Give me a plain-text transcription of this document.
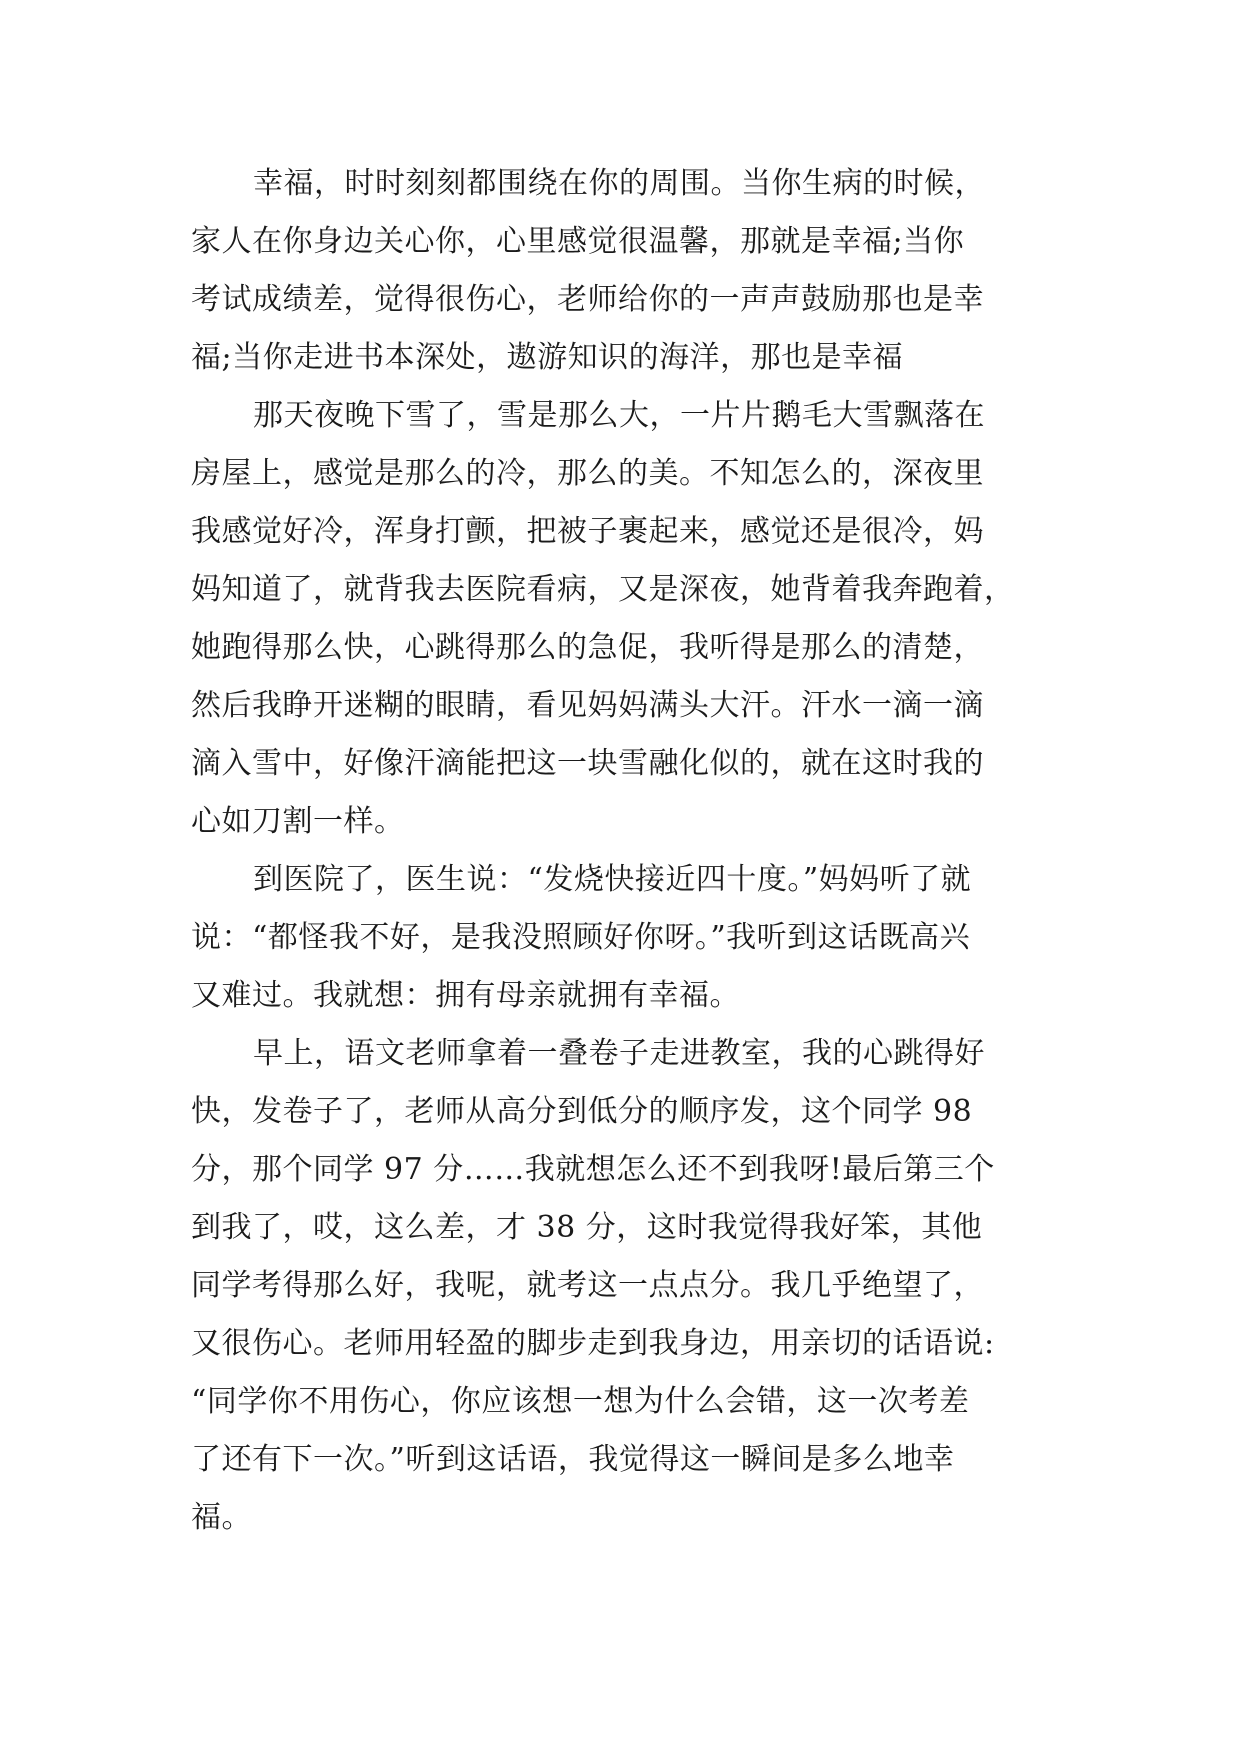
幸福，时时刻刻都围绕在你的周围。当你生病的时候，
家人在你身边关心你，心里感觉很温馨，那就是幸福;当你
考试成绩差，觉得很伤心，老师给你的一声声鼓励那也是幸
福;当你走进书本深处，遨游知识的海洋，那也是幸福
那天夜晚下雪了，雪是那么大，一片片鹅毛大雪飘落在
房屋上，感觉是那么的冷，那么的美。不知怎么的，深夜里
我感觉好冷，浑身打颤，把被子裹起来，感觉还是很冷，妈
妈知道了，就背我去医院看病，又是深夜，她背着我奔跑着，
她跑得那么快，心跳得那么的急促，我听得是那么的清楚，
然后我睁开迷糊的眼睛，看见妈妈满头大汗。汗水一滴一滴
滴入雪中，好像汗滴能把这一块雪融化似的，就在这时我的
心如刀割一样。
到医院了，医生说：“发烧快接近四十度。”妈妈听了就
说：“都怪我不好，是我没照顾好你呀。”我听到这话既高兴
又难过。我就想：拥有母亲就拥有幸福。
早上，语文老师拿着一叠卷子走进教室，我的心跳得好
快，发卷子了，老师从高分到低分的顺序发，这个同学 98
分，那个同学 97 分……我就想怎么还不到我呀!最后第三个
到我了，哎，这么差，才 38 分，这时我觉得我好笨，其他
同学考得那么好，我呢，就考这一点点分。我几乎绝望了，
又很伤心。老师用轻盈的脚步走到我身边，用亲切的话语说:
“同学你不用伤心，你应该想一想为什么会错，这一次考差
了还有下一次。”听到这话语，我觉得这一瞬间是多么地幸
福。
